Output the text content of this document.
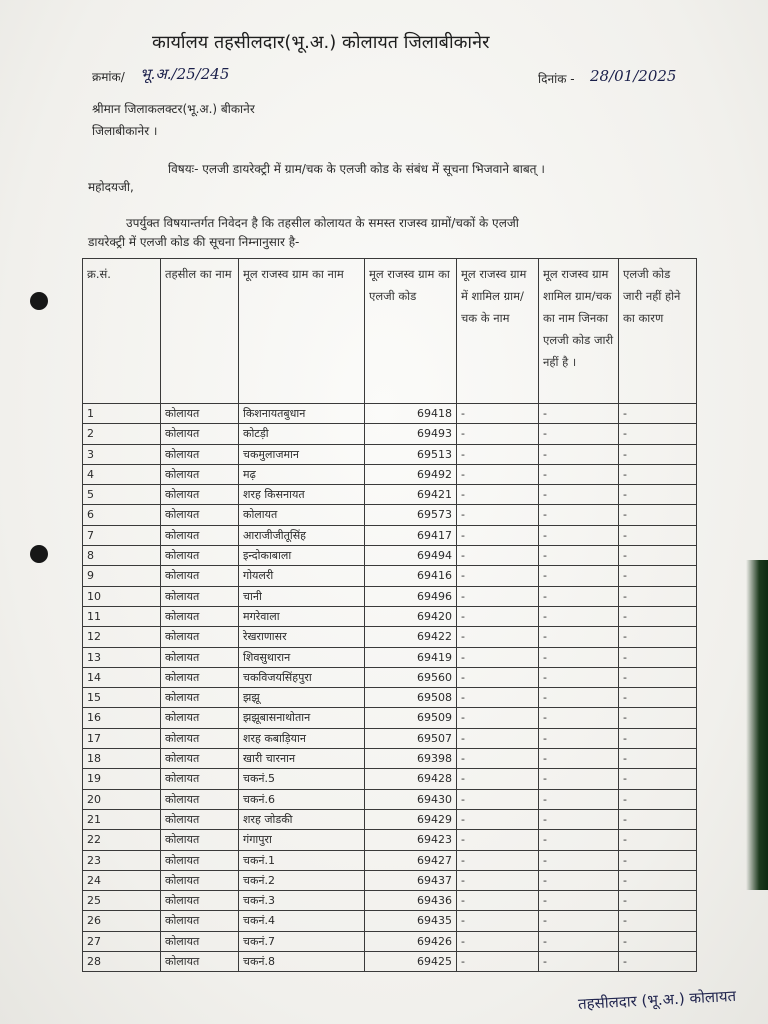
कार्यालय तहसीलदार(भू.अ.) कोलायत जिलाबीकानेर
क्रमांक/ भू.अ./25/245	दिनांक - 28/01/2025
श्रीमान जिलाकलक्टर(भू.अ.) बीकानेर
जिलाबीकानेर ।
विषयः- एलजी डायरेक्ट्री में ग्राम/चक के एलजी कोड के संबंध में सूचना भिजवाने बाबत् ।
महोदयजी,
उपर्युक्त विषयान्तर्गत निवेदन है कि तहसील कोलायत के समस्त राजस्व ग्रामों/चकों के एलजी
डायरेक्ट्री में एलजी कोड की सूचना निम्नानुसार है-
क्र.सं.	तहसील का नाम	मूल राजस्व ग्राम का नाम	मूल राजस्व ग्राम का एलजी कोड	मूल राजस्व ग्राम में शामिल ग्राम/चक के नाम	मूल राजस्व ग्राम शामिल ग्राम/चक का नाम जिनका एलजी कोड जारी नहीं है ।	एलजी कोड जारी नहीं होने का कारण
1	कोलायत	किशनायतबुधान	69418	-	-	-
2	कोलायत	कोटड़ी	69493	-	-	-
3	कोलायत	चकमुलाजमान	69513	-	-	-
4	कोलायत	मढ़	69492	-	-	-
5	कोलायत	शरह किसनायत	69421	-	-	-
6	कोलायत	कोलायत	69573	-	-	-
7	कोलायत	आराजीजीतूसिंह	69417	-	-	-
8	कोलायत	इन्दोकाबाला	69494	-	-	-
9	कोलायत	गोयलरी	69416	-	-	-
10	कोलायत	चानी	69496	-	-	-
11	कोलायत	मगरेवाला	69420	-	-	-
12	कोलायत	रेखराणासर	69422	-	-	-
13	कोलायत	शिवसुथारान	69419	-	-	-
14	कोलायत	चकविजयसिंहपुरा	69560	-	-	-
15	कोलायत	झझू	69508	-	-	-
16	कोलायत	झझूबासनाथोतान	69509	-	-	-
17	कोलायत	शरह कबाड़ियान	69507	-	-	-
18	कोलायत	खारी चारनान	69398	-	-	-
19	कोलायत	चकनं.5	69428	-	-	-
20	कोलायत	चकनं.6	69430	-	-	-
21	कोलायत	शरह जोडकी	69429	-	-	-
22	कोलायत	गंगापुरा	69423	-	-	-
23	कोलायत	चकनं.1	69427	-	-	-
24	कोलायत	चकनं.2	69437	-	-	-
25	कोलायत	चकनं.3	69436	-	-	-
26	कोलायत	चकनं.4	69435	-	-	-
27	कोलायत	चकनं.7	69426	-	-	-
28	कोलायत	चकनं.8	69425	-	-	-
तहसीलदार (भू.अ.) कोलायत
